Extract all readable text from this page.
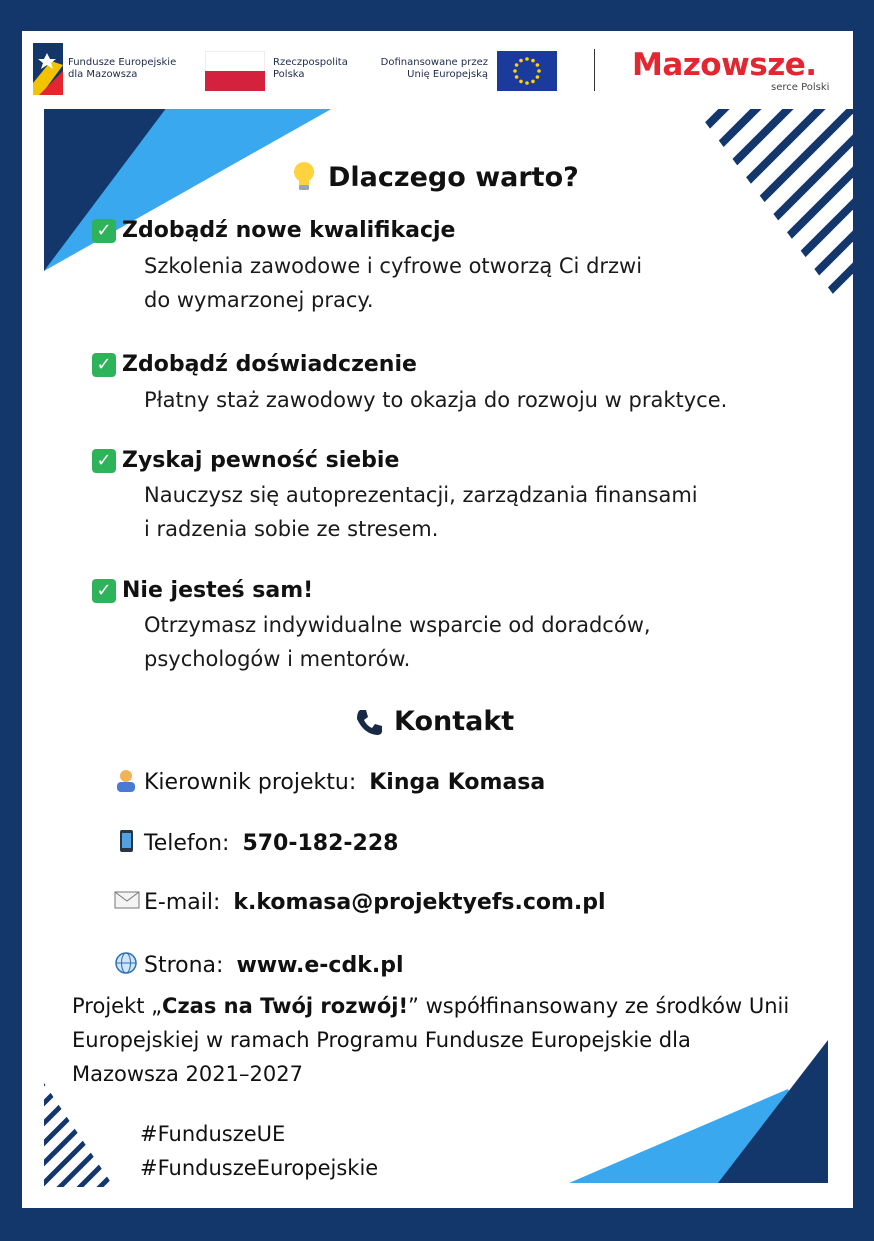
Fundusze Europejskie
dla Mazowsza
Rzeczpospolita
Polska
Dofinansowane przez
Unię Europejską	Mazowsze.
serce Polski
Dlaczego warto?
✓ Zdobądź nowe kwalifikacje
Szkolenia zawodowe i cyfrowe otworzą Ci drzwi
do wymarzonej pracy.
✓ Zdobądź doświadczenie
Płatny staż zawodowy to okazja do rozwoju w praktyce.
✓ Zyskaj pewność siebie
Nauczysz się autoprezentacji, zarządzania finansami
i radzenia sobie ze stresem.
✓ Nie jesteś sam!
Otrzymasz indywidualne wsparcie od doradców,
psychologów i mentorów.
Kontakt
Kierownik projektu: Kinga Komasa
Telefon: 570-182-228
E-mail: k.komasa@projektyefs.com.pl
Strona: www.e-cdk.pl
Projekt „Czas na Twój rozwój!” współfinansowany ze środków Unii
Europejskiej w ramach Programu Fundusze Europejskie dla
Mazowsza 2021–2027
#FunduszeUE
#FunduszeEuropejskie
